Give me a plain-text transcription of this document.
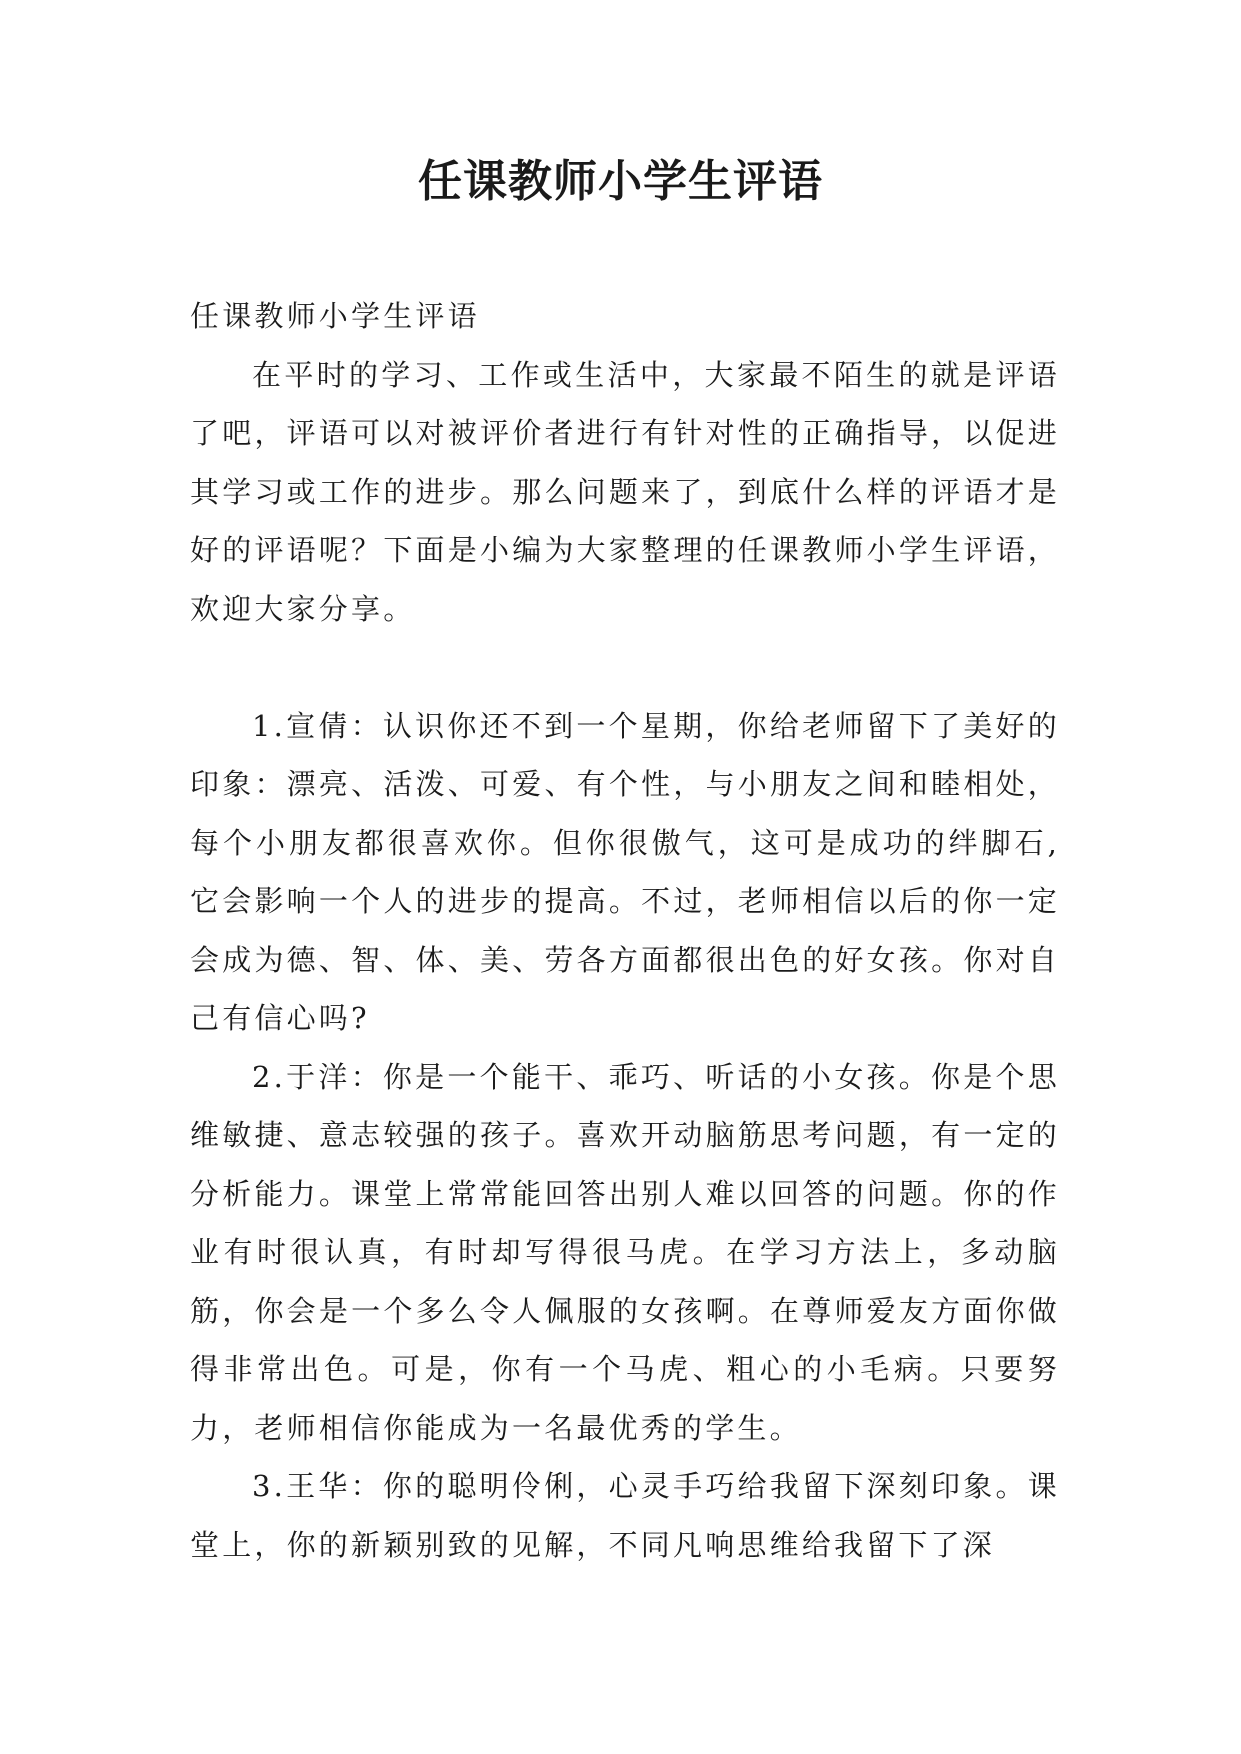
任课教师小学生评语

任课教师小学生评语

在平时的学习、工作或生活中，大家最不陌生的就是评语了吧，评语可以对被评价者进行有针对性的正确指导，以促进其学习或工作的进步。那么问题来了，到底什么样的评语才是好的评语呢？下面是小编为大家整理的任课教师小学生评语，欢迎大家分享。

1.宣倩：认识你还不到一个星期，你给老师留下了美好的印象：漂亮、活泼、可爱、有个性，与小朋友之间和睦相处，每个小朋友都很喜欢你。但你很傲气，这可是成功的绊脚石,它会影响一个人的进步的提高。不过，老师相信以后的你一定会成为德、智、体、美、劳各方面都很出色的好女孩。你对自己有信心吗?

2.于洋：你是一个能干、乖巧、听话的小女孩。你是个思维敏捷、意志较强的孩子。喜欢开动脑筋思考问题，有一定的分析能力。课堂上常常能回答出别人难以回答的问题。你的作业有时很认真，有时却写得很马虎。在学习方法上，多动脑筋，你会是一个多么令人佩服的女孩啊。在尊师爱友方面你做得非常出色。可是，你有一个马虎、粗心的小毛病。只要努力，老师相信你能成为一名最优秀的学生。

3.王华：你的聪明伶俐，心灵手巧给我留下深刻印象。课堂上，你的新颖别致的见解，不同凡响思维给我留下了深
